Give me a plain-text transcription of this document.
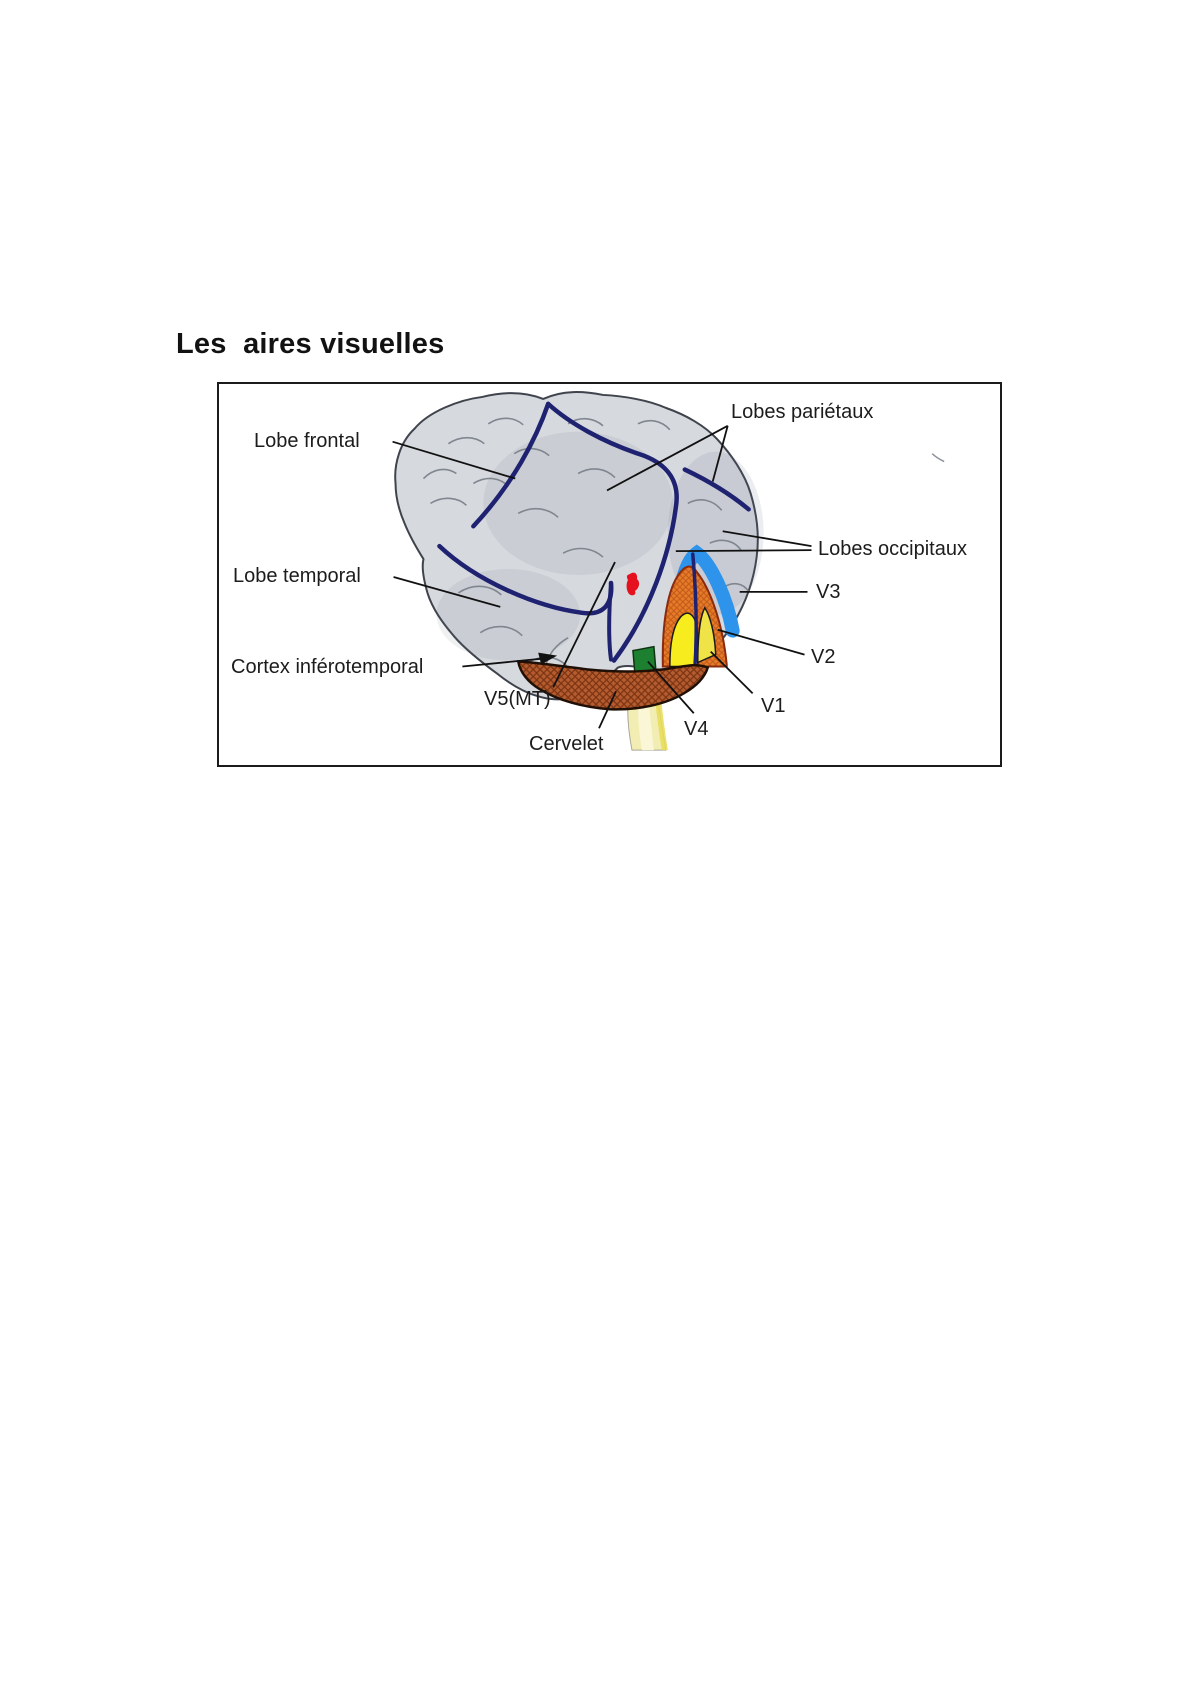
Les  aires visuelles
Lobes pariétaux
Lobe frontal
Lobes occipitaux
V3
Lobe temporal
V2
Cortex inférotemporal
V5(MT)	V1
V4
Cervelet
